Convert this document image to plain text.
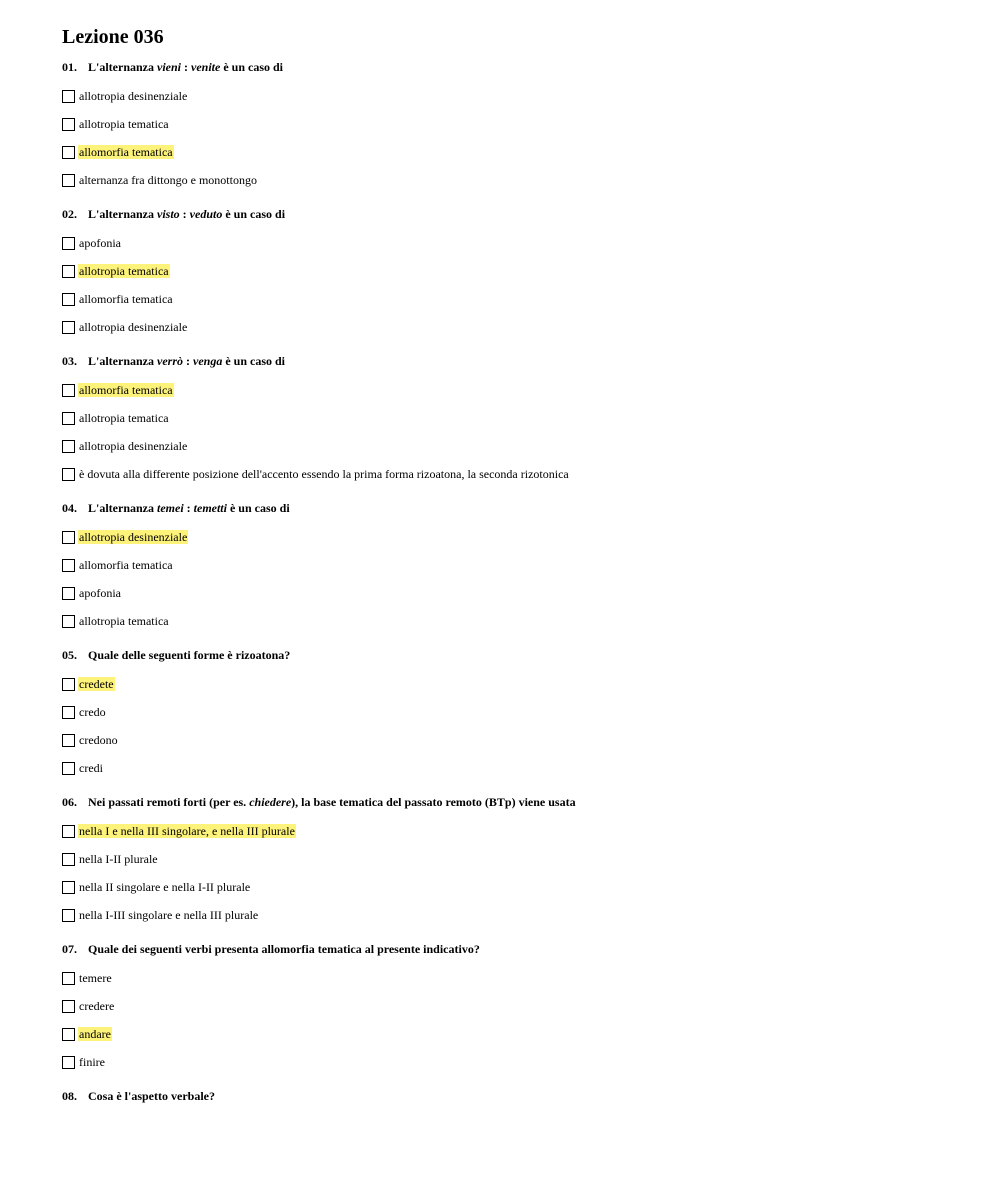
Lezione 036
01. L'alternanza vieni : venite è un caso di
allotropia desinenziale
allotropia tematica
allomorfia tematica
alternanza fra dittongo e monottongo
02. L'alternanza visto : veduto è un caso di
apofonia
allotropia tematica
allomorfia tematica
allotropia desinenziale
03. L'alternanza verrò : venga è un caso di
allomorfia tematica
allotropia tematica
allotropia desinenziale
è dovuta alla differente posizione dell'accento essendo la prima forma rizoatona, la seconda rizotonica
04. L'alternanza temei : temetti è un caso di
allotropia desinenziale
allomorfia tematica
apofonia
allotropia tematica
05. Quale delle seguenti forme è rizoatona?
credete
credo
credono
credi
06. Nei passati remoti forti (per es. chiedere), la base tematica del passato remoto (BTp) viene usata
nella I e nella III singolare, e nella III plurale
nella I-II plurale
nella II singolare e nella I-II plurale
nella I-III singolare e nella III plurale
07. Quale dei seguenti verbi presenta allomorfia tematica al presente indicativo?
temere
credere
andare
finire
08. Cosa è l'aspetto verbale?
